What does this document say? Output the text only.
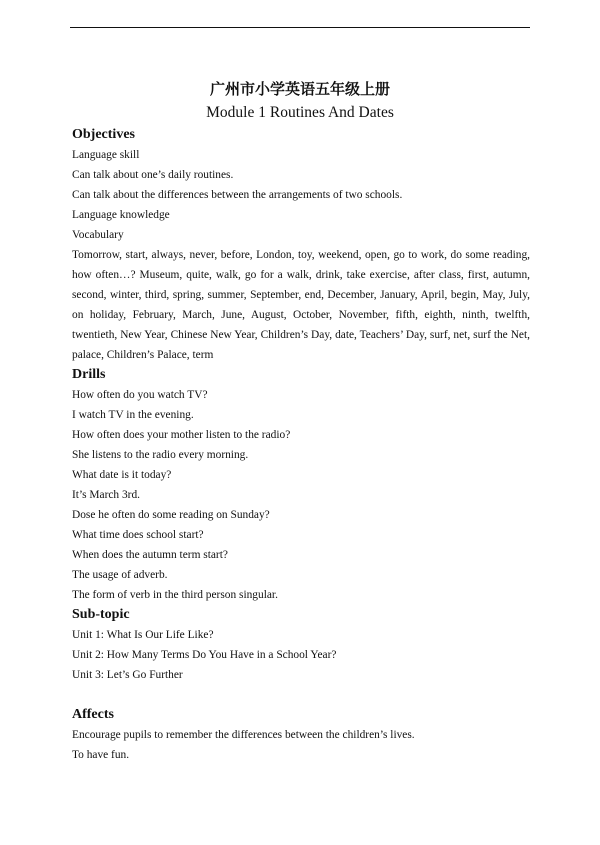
广州市小学英语五年级上册
Module 1 Routines And Dates
Objectives
Language skill
Can talk about one’s daily routines.
Can talk about the differences between the arrangements of two schools.
Language knowledge
Vocabulary
Tomorrow, start, always, never, before, London, toy, weekend, open, go to work, do some reading, how often…? Museum, quite, walk, go for a walk, drink, take exercise, after class, first, autumn, second, winter, third, spring, summer, September, end, December, January, April, begin, May, July, on holiday, February, March, June, August, October, November, fifth, eighth, ninth, twelfth, twentieth, New Year, Chinese New Year, Children’s Day, date, Teachers’ Day, surf, net, surf the Net, palace, Children’s Palace, term
Drills
How often do you watch TV?
I watch TV in the evening.
How often does your mother listen to the radio?
She listens to the radio every morning.
What date is it today?
It’s March 3rd.
Dose he often do some reading on Sunday?
What time does school start?
When does the autumn term start?
The usage of adverb.
The form of verb in the third person singular.
Sub-topic
Unit 1: What Is Our Life Like?
Unit 2: How Many Terms Do You Have in a School Year?
Unit 3: Let’s Go Further
Affects
Encourage pupils to remember the differences between the children’s lives.
To have fun.
